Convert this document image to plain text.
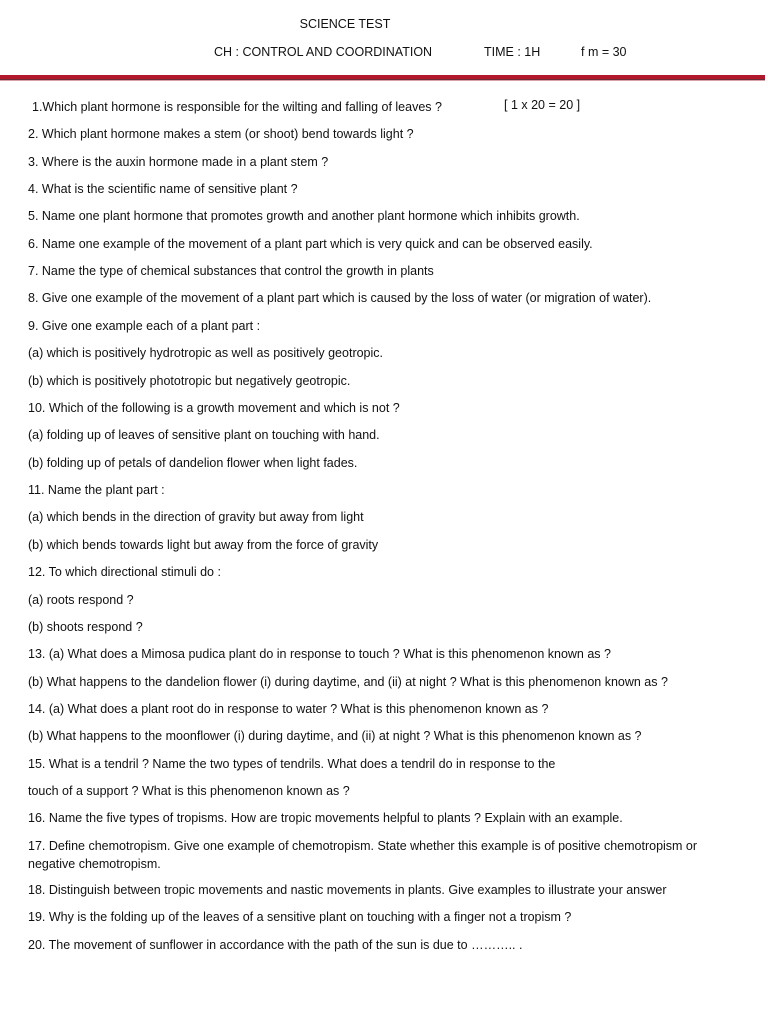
SCIENCE TEST
CH : CONTROL AND COORDINATION	TIME : 1H	f m = 30
[ 1 x 20 = 20 ]
1.Which plant hormone is responsible for the wilting and falling of leaves ?
2. Which plant hormone makes a stem (or shoot) bend towards light ?
3. Where is the auxin hormone made in a plant stem ?
4. What is the scientific name of sensitive plant ?
5. Name one plant hormone that promotes growth and another plant hormone which inhibits growth.
6. Name one example of the movement of a plant part which is very quick and can be observed easily.
7. Name the type of chemical substances that control the growth in plants
8. Give one example of the movement of a plant part which is caused by the loss of water (or migration of water).
9. Give one example each of a plant part :
(a) which is positively hydrotropic as well as positively geotropic.
(b) which is positively phototropic but negatively geotropic.
10. Which of the following is a growth movement and which is not ?
(a) folding up of leaves of sensitive plant on touching with hand.
(b) folding up of petals of dandelion flower when light fades.
11. Name the plant part :
(a) which bends in the direction of gravity but away from light
(b) which bends towards light but away from the force of gravity
12. To which directional stimuli do :
(a) roots respond ?
(b) shoots respond ?
13. (a) What does a Mimosa pudica plant do in response to touch ? What is this phenomenon known as ?
(b) What happens to the dandelion flower (i) during daytime, and (ii) at night ? What is this phenomenon known as ?
14. (a) What does a plant root do in response to water ? What is this phenomenon known as ?
(b) What happens to the moonflower (i) during daytime, and (ii) at night ? What is this phenomenon known as ?
15. What is a tendril ? Name the two types of tendrils. What does a tendril do in response to the
touch of a support ? What is this phenomenon known as ?
16. Name the five types of tropisms. How are tropic movements helpful to plants ? Explain with an example.
17. Define chemotropism. Give one example of chemotropism. State whether this example is of positive chemotropism or negative chemotropism.
18. Distinguish between tropic movements and nastic movements in plants. Give examples to illustrate your answer
19. Why is the folding up of the leaves of a sensitive plant on touching with a finger not a tropism ?
20. The movement of sunflower in accordance with the path of the sun is due to ……….. .
